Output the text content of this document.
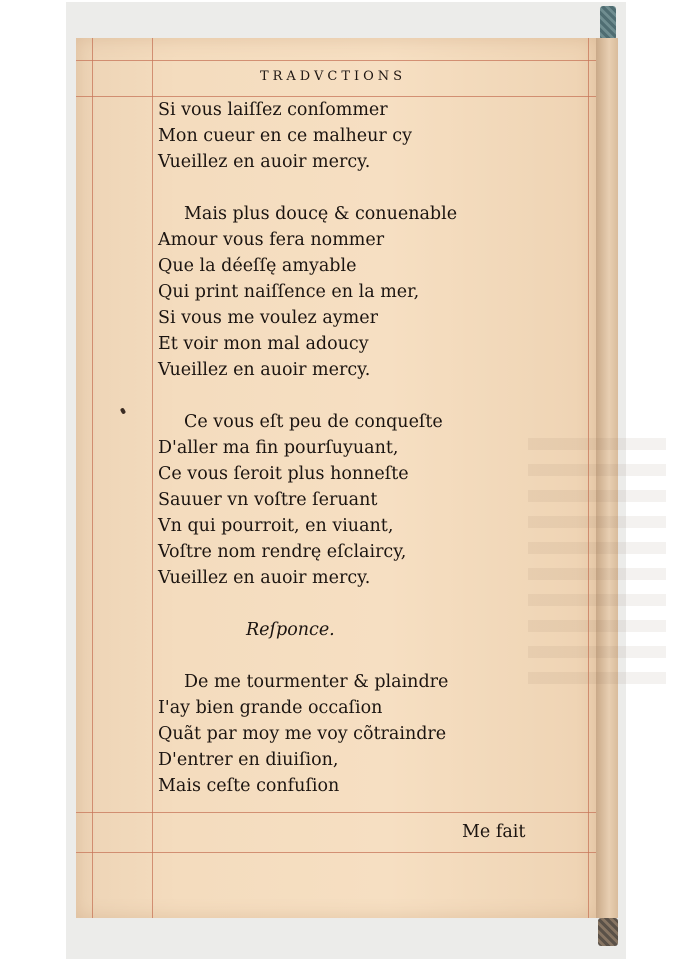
TRADVCTIONS
Si vous laiſſez conſommer
Mon cueur en ce malheur cy
Vueillez en auoir mercy.
Mais plus doucę & conuenable
Amour vous fera nommer
Que la déeſſę amyable
Qui print naiſſence en la mer,
Si vous me voulez aymer
Et voir mon mal adoucy
Vueillez en auoir mercy.
Ce vous eſt peu de conqueſte
D'aller ma fin pourſuyuant,
Ce vous ſeroit plus honneſte
Sauuer vn voſtre ſeruant
Vn qui pourroit, en viuant,
Voſtre nom rendrę eſclaircy,
Vueillez en auoir mercy.
Reſponce.
De me tourmenter & plaindre
I'ay bien grande occaſion
Quãt par moy me voy cõtraindre
D'entrer en diuiſion,
Mais ceſte confuſion
Me fait
